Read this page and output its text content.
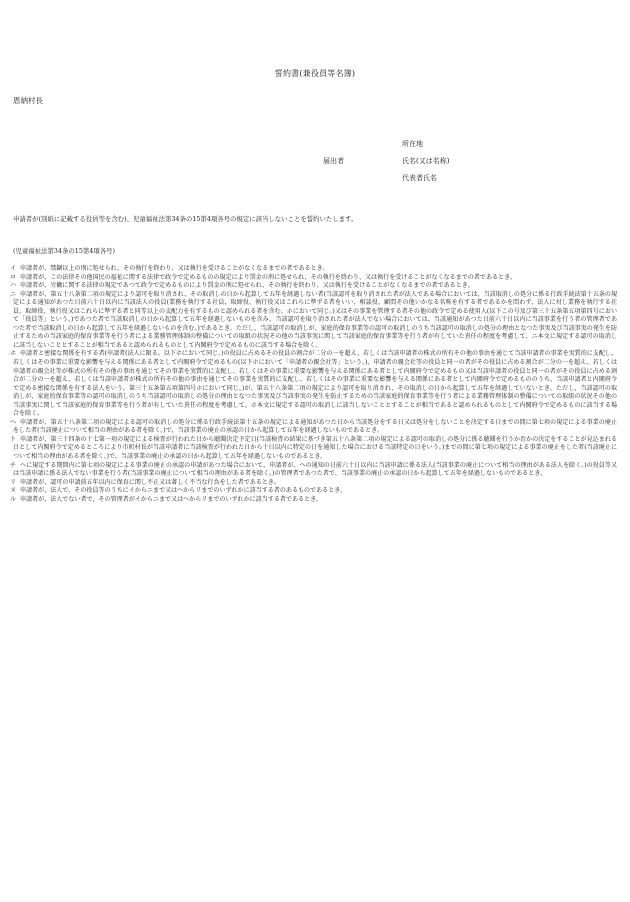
誓約書(兼役員等名簿)
恩納村長
届出者
所在地
氏名(又は名称)
代表者氏名
申請者が(別紙に記載する役員等を含む)、児童福祉法第34条の15第4項各号の規定に該当しないことを誓約いたします。
(児童福祉法第34条の15第4項各号)
イ 申請者が、禁錮以上の刑に処せられ、その執行を終わり、又は執行を受けることがなくなるまでの者であるとき。
ロ 申請者が、この法律その他国民の福祉に関する法律で政令で定めるものの規定により罰金の刑に処せられ、その執行を終わり、又は執行を受けることがなくなるまでの者であるとき。
ハ 申請者が、労働に関する法律の規定であつて政令で定めるものにより罰金の刑に処せられ、その執行を終わり、又は執行を受けることがなくなるまでの者であるとき。
ニ 申請者が、第五十八条第二項の規定により認可を取り消され、その取消しの日から起算して五年を経過しない者(当該認可を取り消された者が法人である場合においては、当該取消しの処分に係る行政手続法第十五条の規定による通知があつた日前六十日以内に当該法人の役員(業務を執行する社員、取締役、執行役又はこれらに準ずる者をいい、相談役、顧問その他いかなる名称を有する者であるかを問わず、法人に対し業務を執行する社員、取締役、執行役又はこれらに準ずる者と同等以上の支配力を有するものと認められる者を含む。ホにおいて同じ。)又はその事業を管理する者その他の政令で定める使用人(以下この号及び第三十五条第五項第四号において「役員等」という。)であつた者で当該取消しの日から起算して五年を経過しないものを含み、当該認可を取り消された者が法人でない場合においては、当該通知があつた日前六十日以内に当該事業を行う者の管理者であつた者で当該取消しの日から起算して五年を経過しないものを含む。)であるとき。ただし、当該認可の取消しが、家庭的保育事業等の認可の取消しのうち当該認可の取消しの処分の理由となつた事実及び当該事実の発生を防止するための当該家庭的保育事業等を行う者による業務管理体制の整備についての取組の状況その他の当該事実に関して当該家庭的保育事業等を行う者が有していた責任の程度を考慮して、ニ本文に規定する認可の取消しに該当しないこととすることが相当であると認められるものとして内閣府令で定めるものに該当する場合を除く。
ホ 申請者と密接な関係を有する者(申請者(法人に限る。以下ホにおいて同じ。)の役員に占めるその役員の割合が二分の一を超え、若しくは当該申請者の株式の所有その他の事由を通じて当該申請者の事業を実質的に支配し、若しくはその事業に重要な影響を与える関係にある者として内閣府令で定めるもの(以下ホにおいて「申請者の親会社等」という。)、申請者の親会社等の役員と同一の者がその役員に占める割合が二分の一を超え、若しくは申請者の親会社等が株式の所有その他の事由を通じてその事業を実質的に支配し、若しくはその事業に重要な影響を与える関係にある者として内閣府令で定めるもの又は当該申請者の役員と同一の者がその役員に占める割合が二分の一を超え、若しくは当該申請者が株式の所有その他の事由を通じてその事業を実質的に支配し、若しくはその事業に重要な影響を与える関係にある者として内閣府令で定めるもののうち、当該申請者と内閣府令で定める密接な関係を有する法人をいう。第三十五条第五項第四号ホにおいて同じ。)が、第五十八条第二項の規定により認可を取り消され、その取消しの日から起算して五年を経過していないとき。ただし、当該認可の取消しが、家庭的保育事業等の認可の取消しのうち当該認可の取消しの処分の理由となつた事実及び当該事実の発生を防止するための当該家庭的保育事業等を行う者による業務管理体制の整備についての取組の状況その他の当該事実に関して当該家庭的保育事業等を行う者が有していた責任の程度を考慮して、ホ本文に規定する認可の取消しに該当しないこととすることが相当であると認められるものとして内閣府令で定めるものに該当する場合を除く。
ヘ 申請者が、第五十八条第二項の規定による認可の取消しの処分に係る行政手続法第十五条の規定による通知があつた日から当該処分をする日又は処分をしないことを決定する日までの間に第七項の規定による事業の廃止をした者(当該廃止について相当の理由がある者を除く。)で、当該事業の廃止の承認の日から起算して五年を経過しないものであるとき。
ト 申請者が、第三十四条の十七第一項の規定による検査が行われた日から聴聞決定予定日(当該検査の結果に基づき第五十八条第二項の規定による認可の取消しの処分に係る聴聞を行うか否かの決定をすることが見込まれる日として内閣府令で定めるところにより市町村長が当該申請者に当該検査が行われた日から十日以内に特定の日を通知した場合における当該特定の日をいう。)までの間に第七項の規定による事業の廃止をした者(当該廃止について相当の理由がある者を除く。)で、当該事業の廃止の承認の日から起算して五年を経過しないものであるとき。
チ ヘに規定する期間内に第七項の規定による事業の廃止の承認の申請があつた場合において、申請者が、ヘの通知の日前六十日以内に当該申請に係る法人(当該事業の廃止について相当の理由がある法人を除く。)の役員等又は当該申請に係る法人でない事業を行う者(当該事業の廃止について相当の理由がある者を除く。)の管理者であつた者で、当該事業の廃止の承認の日から起算して五年を経過しないものであるとき。
リ 申請者が、認可の申請前五年以内に保育に関し不正又は著しく不当な行為をした者であるとき。
ヌ 申請者が、法人で、その役員等のうちにイからニまで又はヘからリまでのいずれかに該当する者のあるものであるとき。
ル 申請者が、法人でない者で、その管理者がイからニまで又はヘからリまでのいずれかに該当する者であるとき。
